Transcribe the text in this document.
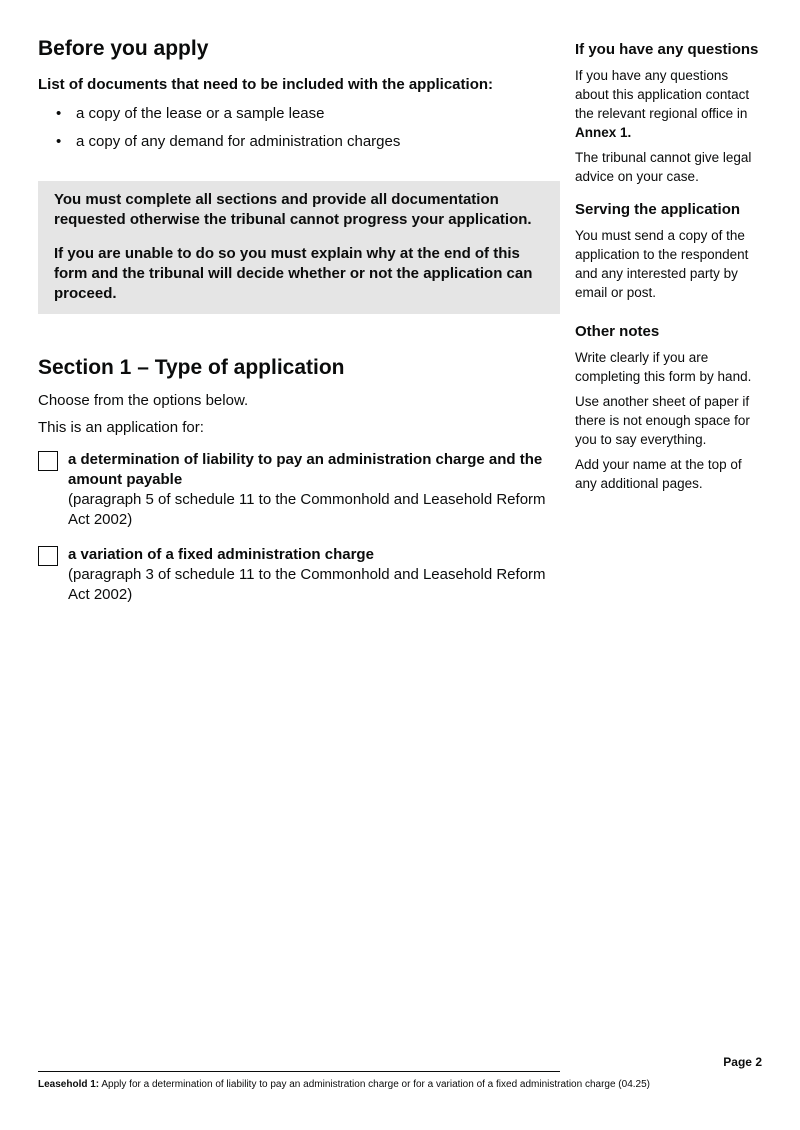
Before you apply
List of documents that need to be included with the application:
• a copy of the lease or a sample lease
• a copy of any demand for administration charges

You must complete all sections and provide all documentation requested otherwise the tribunal cannot progress your application.

If you are unable to do so you must explain why at the end of this form and the tribunal will decide whether or not the application can proceed.

Section 1 – Type of application

Choose from the options below.

This is an application for:

a determination of liability to pay an administration charge and the amount payable
(paragraph 5 of schedule 11 to the Commonhold and Leasehold Reform Act 2002)
a variation of a fixed administration charge
(paragraph 3 of schedule 11 to the Commonhold and Leasehold Reform Act 2002)
If you have any questions

If you have any questions about this application contact the relevant regional office in Annex 1.

The tribunal cannot give legal advice on your case.

Serving the application

You must send a copy of the application to the respondent and any interested party by email or post.

Other notes

Write clearly if you are completing this form by hand.

Use another sheet of paper if there is not enough space for you to say everything.

Add your name at the top of any additional pages.

Page 2
Leasehold 1: Apply for a determination of liability to pay an administration charge or for a variation of a fixed administration charge (04.25)
